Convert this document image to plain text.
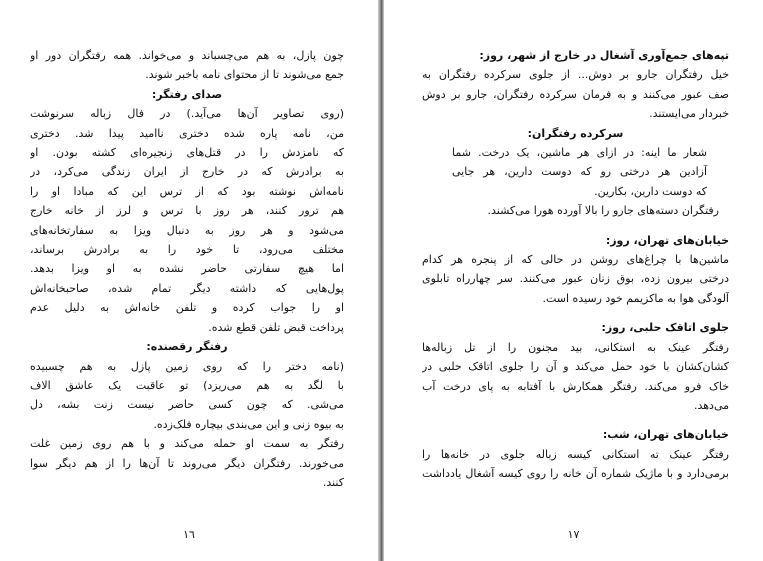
چون پازل، به هم می‌چسباند و می‌خواند. همه رفتگران دور او
جمع می‌شوند تا از محتوای نامه باخبر شوند.
صدای رفتگر:
(روی تصاویر آن‌ها می‌آید.) در فال زباله سرنوشت
من، نامه پاره شده دختری ناامید پیدا شد. دختری
که نامزدش را در قتل‌های زنجیره‌ای کشته بودن. او
به برادرش که در خارج از ایران زندگی می‌کرد، در
نامه‌اش نوشته بود که از ترس این که مبادا او را
هم ترور کنند، هر روز با ترس و لرز از خانه خارج
می‌شود و هر روز به دنبال ویزا به سفارتخانه‌های
مختلف می‌رود، تا خود را به برادرش برساند،
اما هیچ سفارتی حاضر نشده به او ویزا بدهد.
پول‌هایی که داشته دیگر تمام شده، صاحبخانه‌اش
او را جواب کرده و تلفن خانه‌اش به دلیل عدم
پرداخت قبض تلفن قطع شده.
رفتگر رقصنده:
(نامه دختر را که روی زمین پازل به هم چسبیده
با لگد به هم می‌ریزد) تو عاقبت یک عاشق الاف
می‌شی. که چون کسی حاضر نیست زنت بشه، دل
به بیوه زنی و این می‌بندی بیچاره فلک‌زده.
رفتگر به سمت او حمله می‌کند و با هم روی زمین غلت
می‌خورند. رفتگران دیگر می‌روند تا آن‌ها را از هم دیگر سوا
کنند.
١٦
تپه‌های جمع‌آوری آشغال در خارج از شهر، روز:
خیل رفتگران جارو بر دوش... از جلوی سرکرده رفتگران به
صف عبور می‌کنند و به فرمان سرکرده رفتگران، جارو بر دوش
خبردار می‌ایستند.
سرکرده رفتگران:
شعار ما اینه: در ازای هر ماشین، یک درخت. شما
آزادین هر درختی رو که دوست دارین، هر جایی
که دوست دارین، بکارین.
رفتگران دسته‌های جارو را بالا آورده هورا می‌کشند.
خیابان‌های تهران، روز:
ماشین‌ها با چراغ‌های روشن در حالی که از پنجره هر کدام
درختی بیرون زده، بوق زنان عبور می‌کنند. سر چهارراه تابلوی
آلودگی هوا به ماکزیمم خود رسیده است.
جلوی اتاقک حلبی، روز:
رفتگر عینک به استکانی، بید مجنون را از تل زباله‌ها
کشان‌کشان با خود حمل می‌کند و آن را جلوی اتاقک حلبی در
خاک فرو می‌کند. رفتگر همکارش با آفتابه به پای درخت آب
می‌دهد.
خیابان‌های تهران، شب:
رفتگر عینک ته استکانی کیسه زباله جلوی در خانه‌ها را
برمی‌دارد و با ماژیک شماره آن خانه را روی کیسه آشغال یادداشت
١٧
